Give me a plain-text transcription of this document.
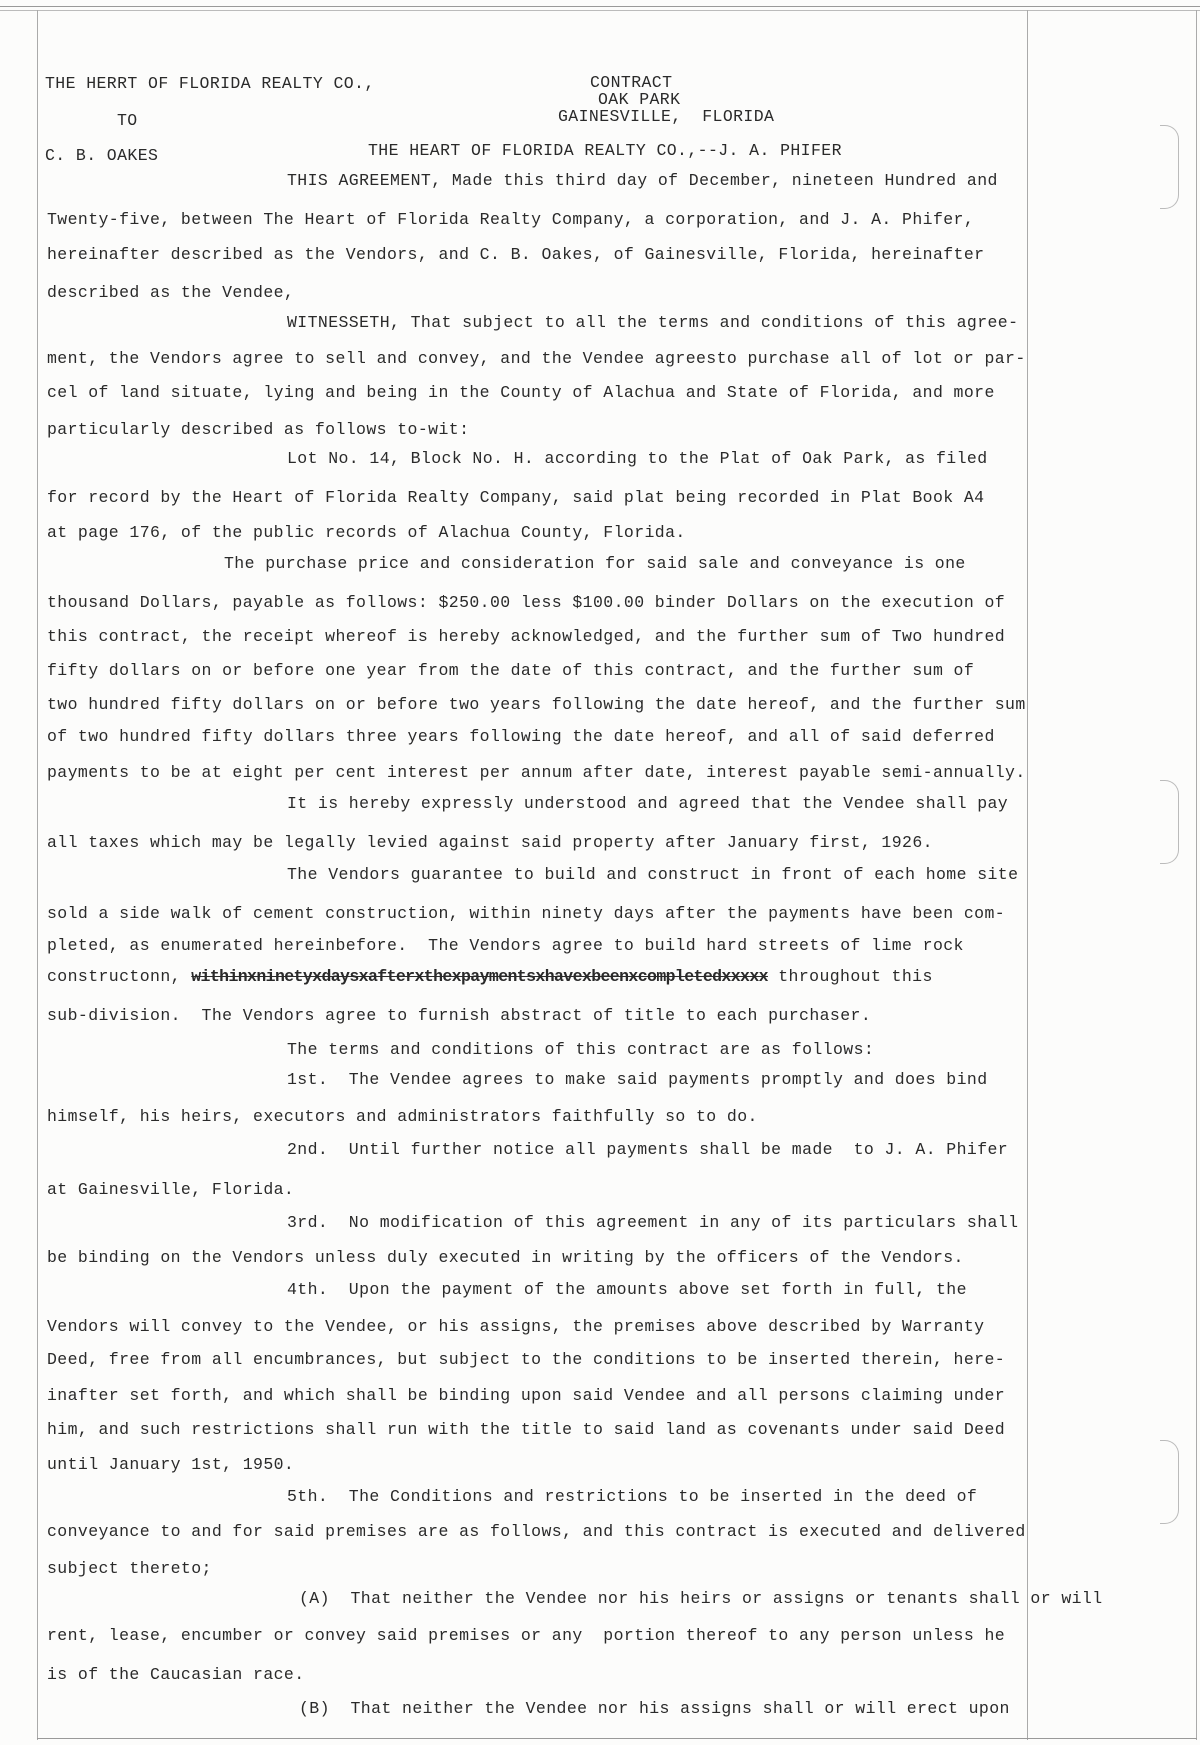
THE HERRT OF FLORIDA REALTY CO.,
TO
C. B. OAKES
CONTRACT
OAK PARK
GAINESVILLE,  FLORIDA
THE HEART OF FLORIDA REALTY CO.,--J. A. PHIFER
THIS AGREEMENT, Made this third day of December, nineteen Hundred and
Twenty-five, between The Heart of Florida Realty Company, a corporation, and J. A. Phifer,
hereinafter described as the Vendors, and C. B. Oakes, of Gainesville, Florida, hereinafter
described as the Vendee,
WITNESSETH, That subject to all the terms and conditions of this agree-
ment, the Vendors agree to sell and convey, and the Vendee agreesto purchase all of lot or par-
cel of land situate, lying and being in the County of Alachua and State of Florida, and more
particularly described as follows to-wit:
Lot No. 14, Block No. H. according to the Plat of Oak Park, as filed
for record by the Heart of Florida Realty Company, said plat being recorded in Plat Book A4
at page 176, of the public records of Alachua County, Florida.
The purchase price and consideration for said sale and conveyance is one
thousand Dollars, payable as follows: $250.00 less $100.00 binder Dollars on the execution of
this contract, the receipt whereof is hereby acknowledged, and the further sum of Two hundred
fifty dollars on or before one year from the date of this contract, and the further sum of
two hundred fifty dollars on or before two years following the date hereof, and the further sum
of two hundred fifty dollars three years following the date hereof, and all of said deferred
payments to be at eight per cent interest per annum after date, interest payable semi-annually.
It is hereby expressly understood and agreed that the Vendee shall pay
all taxes which may be legally levied against said property after January first, 1926.
The Vendors guarantee to build and construct in front of each home site
sold a side walk of cement construction, within ninety days after the payments have been com-
pleted, as enumerated hereinbefore.  The Vendors agree to build hard streets of lime rock
constructonn, withinxninetyxdaysxafterxthexpaymentsxhavexbeenxcompletedxxxxx throughout this
sub-division.  The Vendors agree to furnish abstract of title to each purchaser.
The terms and conditions of this contract are as follows:
1st.  The Vendee agrees to make said payments promptly and does bind
himself, his heirs, executors and administrators faithfully so to do.
2nd.  Until further notice all payments shall be made  to J. A. Phifer
at Gainesville, Florida.
3rd.  No modification of this agreement in any of its particulars shall
be binding on the Vendors unless duly executed in writing by the officers of the Vendors.
4th.  Upon the payment of the amounts above set forth in full, the
Vendors will convey to the Vendee, or his assigns, the premises above described by Warranty
Deed, free from all encumbrances, but subject to the conditions to be inserted therein, here-
inafter set forth, and which shall be binding upon said Vendee and all persons claiming under
him, and such restrictions shall run with the title to said land as covenants under said Deed
until January 1st, 1950.
5th.  The Conditions and restrictions to be inserted in the deed of
conveyance to and for said premises are as follows, and this contract is executed and delivered
subject thereto;
(A)  That neither the Vendee nor his heirs or assigns or tenants shall or will
rent, lease, encumber or convey said premises or any  portion thereof to any person unless he
is of the Caucasian race.
(B)  That neither the Vendee nor his assigns shall or will erect upon
